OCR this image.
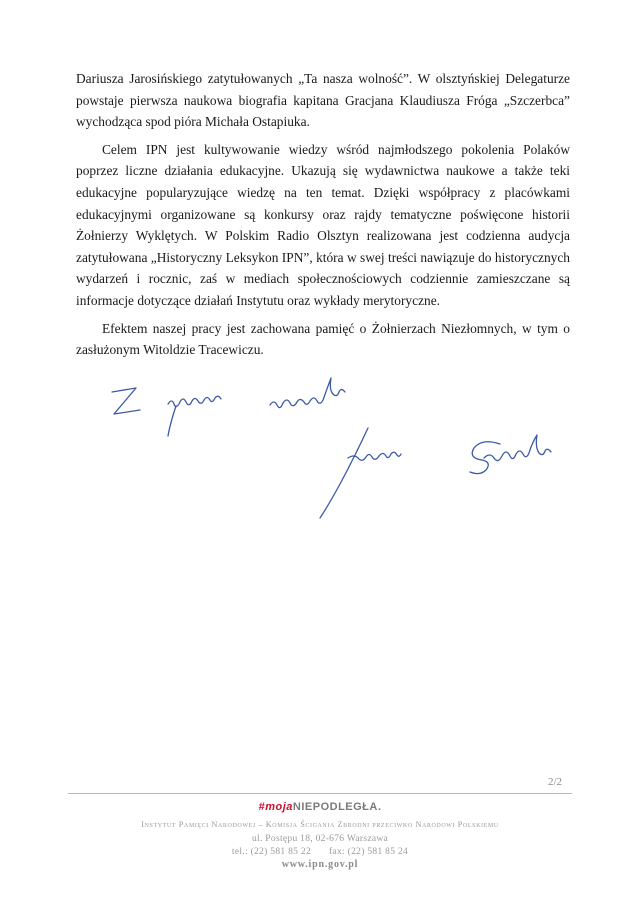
Dariusza Jarosińskiego zatytułowanych „Ta nasza wolność”. W olsztyńskiej Delegaturze powstaje pierwsza naukowa biografia kapitana Gracjana Klaudiusza Fróga „Szczerbca” wychodząca spod pióra Michała Ostapiuka.

Celem IPN jest kultywowanie wiedzy wśród najmłodszego pokolenia Polaków poprzez liczne działania edukacyjne. Ukazują się wydawnictwa naukowe a także teki edukacyjne popularyzujące wiedzę na ten temat. Dzięki współpracy z placówkami edukacyjnymi organizowane są konkursy oraz rajdy tematyczne poświęcone historii Żołnierzy Wyklętych. W Polskim Radio Olsztyn realizowana jest codzienna audycja zatytułowana „Historyczny Leksykon IPN”, która w swej treści nawiązuje do historycznych wydarzeń i rocznic, zaś w mediach społecznościowych codziennie zamieszczane są informacje dotyczące działań Instytutu oraz wykłady merytoryczne.

Efektem naszej pracy jest zachowana pamięć o Żołnierzach Niezłomnych, w tym o zasłużonym Witoldzie Tracewiczu.

2/2
#mojaNIEPODLEGŁA.
Instytut Pamięci Narodowej – Komisja Ścigania Zbrodni przeciwko Narodowi Polskiemu
ul. Postępu 18, 02-676 Warszawa
tel.: (22) 581 85 22 fax: (22) 581 85 24
www.ipn.gov.pl
